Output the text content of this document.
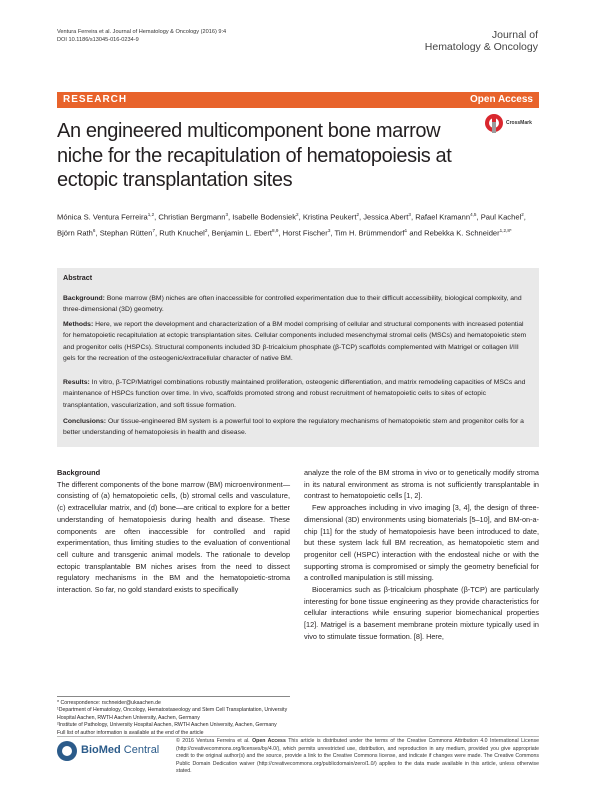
Ventura Ferreira et al. Journal of Hematology & Oncology (2016) 9:4
DOI 10.1186/s13045-016-0234-9	Journal of
Hematology & Oncology
RESEARCH	Open Access
An engineered multicomponent bone marrow niche for the recapitulation of hematopoiesis at ectopic transplantation sites
CrossMark
Mónica S. Ventura Ferreira$^{1,2}$, Christian Bergmann$^3$, Isabelle Bodensiek$^2$, Kristina Peukert$^2$, Jessica Abert$^3$, Rafael Kramann$^{4,5}$, Paul Kachel$^2$, Björn Rath$^6$, Stephan Rütten$^7$, Ruth Knuchel$^2$, Benjamin L. Ebert$^{8,9}$, Horst Fischer$^3$, Tim H. Brümmendorf$^1$ and Rebekka K. Schneider$^{1,2,8*}$
Abstract
Background: Bone marrow (BM) niches are often inaccessible for controlled experimentation due to their difficult accessibility, biological complexity, and three-dimensional (3D) geometry.
Methods: Here, we report the development and characterization of a BM model comprising of cellular and structural components with increased potential for hematopoietic recapitulation at ectopic transplantation sites. Cellular components included mesenchymal stromal cells (MSCs) and hematopoietic stem and progenitor cells (HSPCs). Structural components included 3D β-tricalcium phosphate (β-TCP) scaffolds complemented with Matrigel or collagen I/III gels for the recreation of the osteogenic/extracellular character of native BM.
Results: In vitro, β-TCP/Matrigel combinations robustly maintained proliferation, osteogenic differentiation, and matrix remodeling capacities of MSCs and maintenance of HSPCs function over time. In vivo, scaffolds promoted strong and robust recruitment of hematopoietic cells to sites of ectopic transplantation, vascularization, and soft tissue formation.
Conclusions: Our tissue-engineered BM system is a powerful tool to explore the regulatory mechanisms of hematopoietic stem and progenitor cells for a better understanding of hematopoiesis in health and disease.

Background

The different components of the bone marrow (BM) microenvironment—consisting of (a) hematopoietic cells, (b) stromal cells and vasculature, (c) extracellular matrix, and (d) bone—are critical to explore for a better understanding of hematopoiesis during health and disease. These components are often inaccessible for controlled and rapid experimentation, thus limiting studies to the evaluation of conventional cell culture and transgenic animal models. The rationale to develop ectopic transplantable BM niches arises from the need to dissect regulatory mechanisms in the BM and the hematopoietic-stroma interaction. So far, no gold standard exists to specifically

analyze the role of the BM stroma in vivo or to genetically modify stroma in its natural environment as stroma is not sufficiently transplantable in contrast to hematopoietic cells [1, 2].

Few approaches including in vivo imaging [3, 4], the design of three-dimensional (3D) environments using biomaterials [5–10], and BM-on-a-chip [11] for the study of hematopoiesis have been introduced to date, but these system lack full BM recreation, as hematopoietic stem and progenitor cell (HSPC) interaction with the endosteal niche or with the supporting stroma is compromised or simply the geometry beneficial for a controlled manipulation is still missing.

Bioceramics such as β-tricalcium phosphate (β-TCP) are particularly interesting for bone tissue engineering as they provide characteristics for cellular interactions while ensuring superior biomechanical properties [12]. Matrigel is a basement membrane protein mixture typically used in vivo to stimulate tissue formation. [8]. Here,

* Correspondence: rschneider@ukaachen.de
¹Department of Hematology, Oncology, Hematostaseology and Stem Cell Transplantation, University Hospital Aachen, RWTH Aachen University, Aachen, Germany
²Institute of Pathology, University Hospital Aachen, RWTH Aachen University, Aachen, Germany
Full list of author information is available at the end of the article
BioMed Central
© 2016 Ventura Ferreira et al. Open Access This article is distributed under the terms of the Creative Commons Attribution 4.0 International License (http://creativecommons.org/licenses/by/4.0/), which permits unrestricted use, distribution, and reproduction in any medium, provided you give appropriate credit to the original author(s) and the source, provide a link to the Creative Commons license, and indicate if changes were made. The Creative Commons Public Domain Dedication waiver (http://creativecommons.org/publicdomain/zero/1.0/) applies to the data made available in this article, unless otherwise stated.
